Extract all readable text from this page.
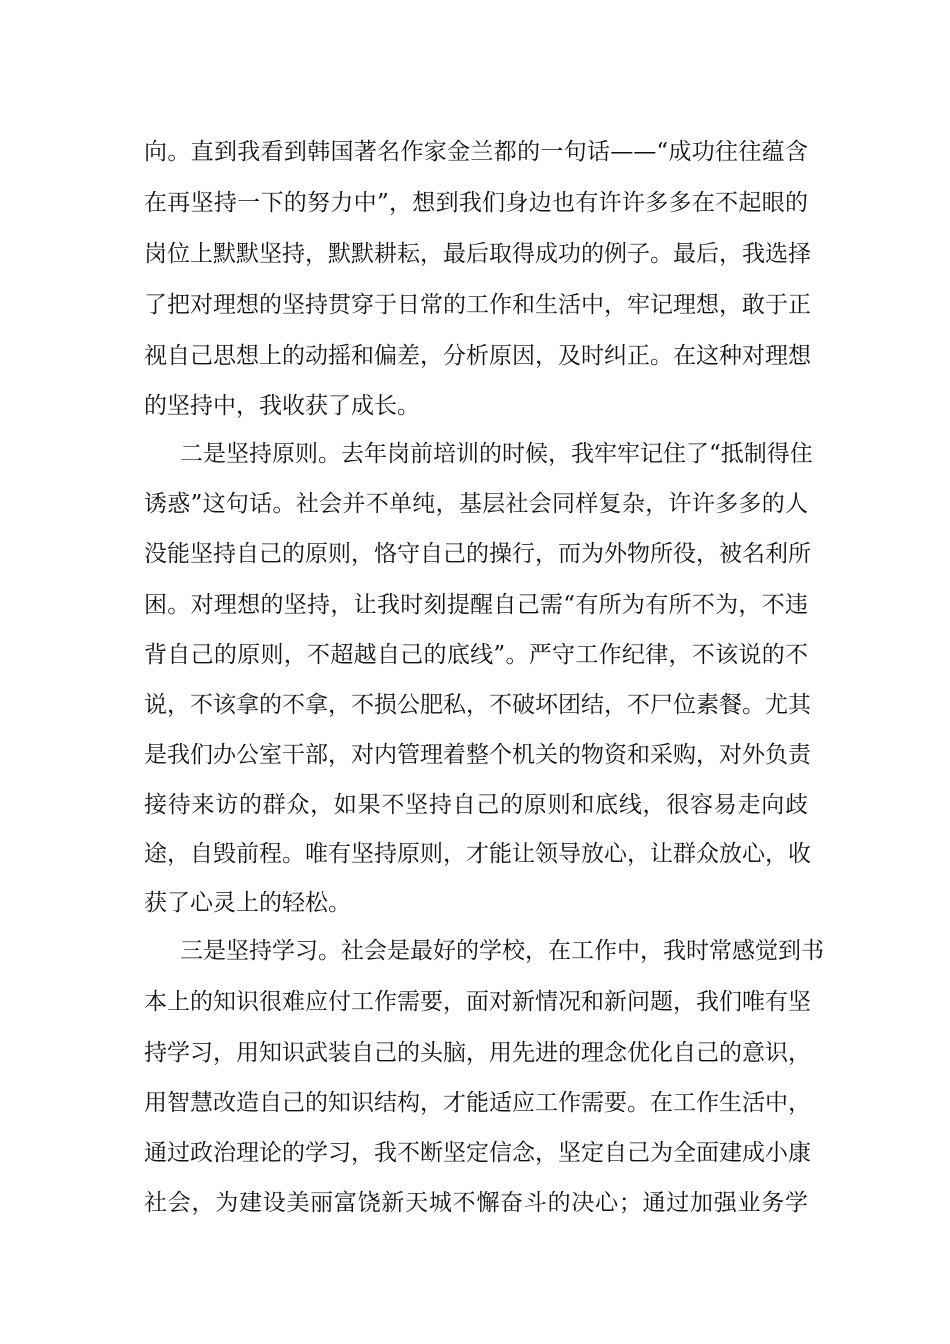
向。直到我看到韩国著名作家金兰都的一句话——“成功往往蕴含
在再坚持一下的努力中”，想到我们身边也有许许多多在不起眼的
岗位上默默坚持，默默耕耘，最后取得成功的例子。最后，我选择
了把对理想的坚持贯穿于日常的工作和生活中，牢记理想，敢于正
视自己思想上的动摇和偏差，分析原因，及时纠正。在这种对理想
的坚持中，我收获了成长。
二是坚持原则。去年岗前培训的时候，我牢牢记住了“抵制得住
诱惑”这句话。社会并不单纯，基层社会同样复杂，许许多多的人
没能坚持自己的原则，恪守自己的操行，而为外物所役，被名利所
困。对理想的坚持，让我时刻提醒自己需“有所为有所不为，不违
背自己的原则，不超越自己的底线”。严守工作纪律，不该说的不
说，不该拿的不拿，不损公肥私，不破坏团结，不尸位素餐。尤其
是我们办公室干部，对内管理着整个机关的物资和采购，对外负责
接待来访的群众，如果不坚持自己的原则和底线，很容易走向歧
途，自毁前程。唯有坚持原则，才能让领导放心，让群众放心，收
获了心灵上的轻松。
三是坚持学习。社会是最好的学校，在工作中，我时常感觉到书
本上的知识很难应付工作需要，面对新情况和新问题，我们唯有坚
持学习，用知识武装自己的头脑，用先进的理念优化自己的意识，
用智慧改造自己的知识结构，才能适应工作需要。在工作生活中，
通过政治理论的学习，我不断坚定信念，坚定自己为全面建成小康
社会，为建设美丽富饶新天城不懈奋斗的决心；通过加强业务学
